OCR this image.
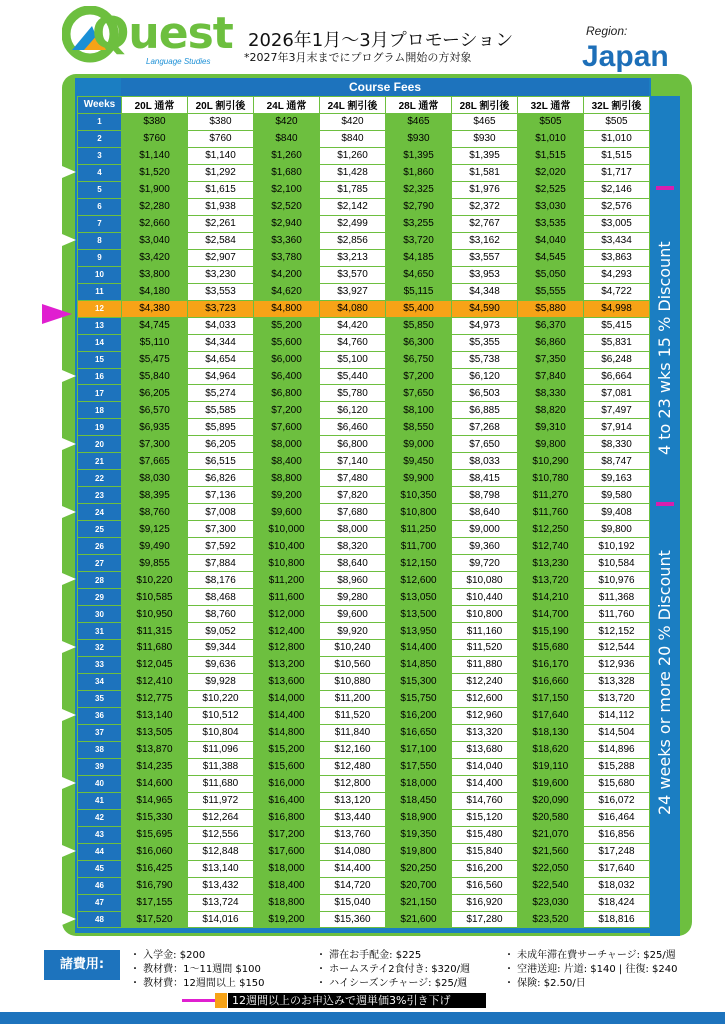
Quest
Language Studies
2026年1月～3月プロモーション
*2027年3月末までにプログラム開始の方対象
Region:
Japan
Course Fees
Weeks	20L 通常	20L 割引後	24L 通常	24L 割引後	28L 通常	28L 割引後	32L 通常	32L 割引後
1	$380	$380	$420	$420	$465	$465	$505	$505
2	$760	$760	$840	$840	$930	$930	$1,010	$1,010
3	$1,140	$1,140	$1,260	$1,260	$1,395	$1,395	$1,515	$1,515
4	$1,520	$1,292	$1,680	$1,428	$1,860	$1,581	$2,020	$1,717
5	$1,900	$1,615	$2,100	$1,785	$2,325	$1,976	$2,525	$2,146
6	$2,280	$1,938	$2,520	$2,142	$2,790	$2,372	$3,030	$2,576
7	$2,660	$2,261	$2,940	$2,499	$3,255	$2,767	$3,535	$3,005
8	$3,040	$2,584	$3,360	$2,856	$3,720	$3,162	$4,040	$3,434
9	$3,420	$2,907	$3,780	$3,213	$4,185	$3,557	$4,545	$3,863
10	$3,800	$3,230	$4,200	$3,570	$4,650	$3,953	$5,050	$4,293
11	$4,180	$3,553	$4,620	$3,927	$5,115	$4,348	$5,555	$4,722
12	$4,380	$3,723	$4,800	$4,080	$5,400	$4,590	$5,880	$4,998
13	$4,745	$4,033	$5,200	$4,420	$5,850	$4,973	$6,370	$5,415
14	$5,110	$4,344	$5,600	$4,760	$6,300	$5,355	$6,860	$5,831
15	$5,475	$4,654	$6,000	$5,100	$6,750	$5,738	$7,350	$6,248
16	$5,840	$4,964	$6,400	$5,440	$7,200	$6,120	$7,840	$6,664
17	$6,205	$5,274	$6,800	$5,780	$7,650	$6,503	$8,330	$7,081
18	$6,570	$5,585	$7,200	$6,120	$8,100	$6,885	$8,820	$7,497
19	$6,935	$5,895	$7,600	$6,460	$8,550	$7,268	$9,310	$7,914
20	$7,300	$6,205	$8,000	$6,800	$9,000	$7,650	$9,800	$8,330
21	$7,665	$6,515	$8,400	$7,140	$9,450	$8,033	$10,290	$8,747
22	$8,030	$6,826	$8,800	$7,480	$9,900	$8,415	$10,780	$9,163
23	$8,395	$7,136	$9,200	$7,820	$10,350	$8,798	$11,270	$9,580
24	$8,760	$7,008	$9,600	$7,680	$10,800	$8,640	$11,760	$9,408
25	$9,125	$7,300	$10,000	$8,000	$11,250	$9,000	$12,250	$9,800
26	$9,490	$7,592	$10,400	$8,320	$11,700	$9,360	$12,740	$10,192
27	$9,855	$7,884	$10,800	$8,640	$12,150	$9,720	$13,230	$10,584
28	$10,220	$8,176	$11,200	$8,960	$12,600	$10,080	$13,720	$10,976
29	$10,585	$8,468	$11,600	$9,280	$13,050	$10,440	$14,210	$11,368
30	$10,950	$8,760	$12,000	$9,600	$13,500	$10,800	$14,700	$11,760
31	$11,315	$9,052	$12,400	$9,920	$13,950	$11,160	$15,190	$12,152
32	$11,680	$9,344	$12,800	$10,240	$14,400	$11,520	$15,680	$12,544
33	$12,045	$9,636	$13,200	$10,560	$14,850	$11,880	$16,170	$12,936
34	$12,410	$9,928	$13,600	$10,880	$15,300	$12,240	$16,660	$13,328
35	$12,775	$10,220	$14,000	$11,200	$15,750	$12,600	$17,150	$13,720
36	$13,140	$10,512	$14,400	$11,520	$16,200	$12,960	$17,640	$14,112
37	$13,505	$10,804	$14,800	$11,840	$16,650	$13,320	$18,130	$14,504
38	$13,870	$11,096	$15,200	$12,160	$17,100	$13,680	$18,620	$14,896
39	$14,235	$11,388	$15,600	$12,480	$17,550	$14,040	$19,110	$15,288
40	$14,600	$11,680	$16,000	$12,800	$18,000	$14,400	$19,600	$15,680
41	$14,965	$11,972	$16,400	$13,120	$18,450	$14,760	$20,090	$16,072
42	$15,330	$12,264	$16,800	$13,440	$18,900	$15,120	$20,580	$16,464
43	$15,695	$12,556	$17,200	$13,760	$19,350	$15,480	$21,070	$16,856
44	$16,060	$12,848	$17,600	$14,080	$19,800	$15,840	$21,560	$17,248
45	$16,425	$13,140	$18,000	$14,400	$20,250	$16,200	$22,050	$17,640
46	$16,790	$13,432	$18,400	$14,720	$20,700	$16,560	$22,540	$18,032
47	$17,155	$13,724	$18,800	$15,040	$21,150	$16,920	$23,030	$18,424
48	$17,520	$14,016	$19,200	$15,360	$21,600	$17,280	$23,520	$18,816
4 to 23 wks 15 % Discount
24 weeks or more 20 % Discount
諸費用:
・ 入学金: $200
・ 教材費：1～11週間 $100
・ 教材費：12週間以上 $150
・ 滞在お手配金: $225
・ ホームステイ2食付き: $320/週
・ ハイシーズンチャージ: $25/週
・ 未成年滞在費サーチャージ: $25/週
・ 空港送迎: 片道: $140 | 往復: $240
・ 保険: $2.50/日
12週間以上のお申込みで週単価3%引き下げ
